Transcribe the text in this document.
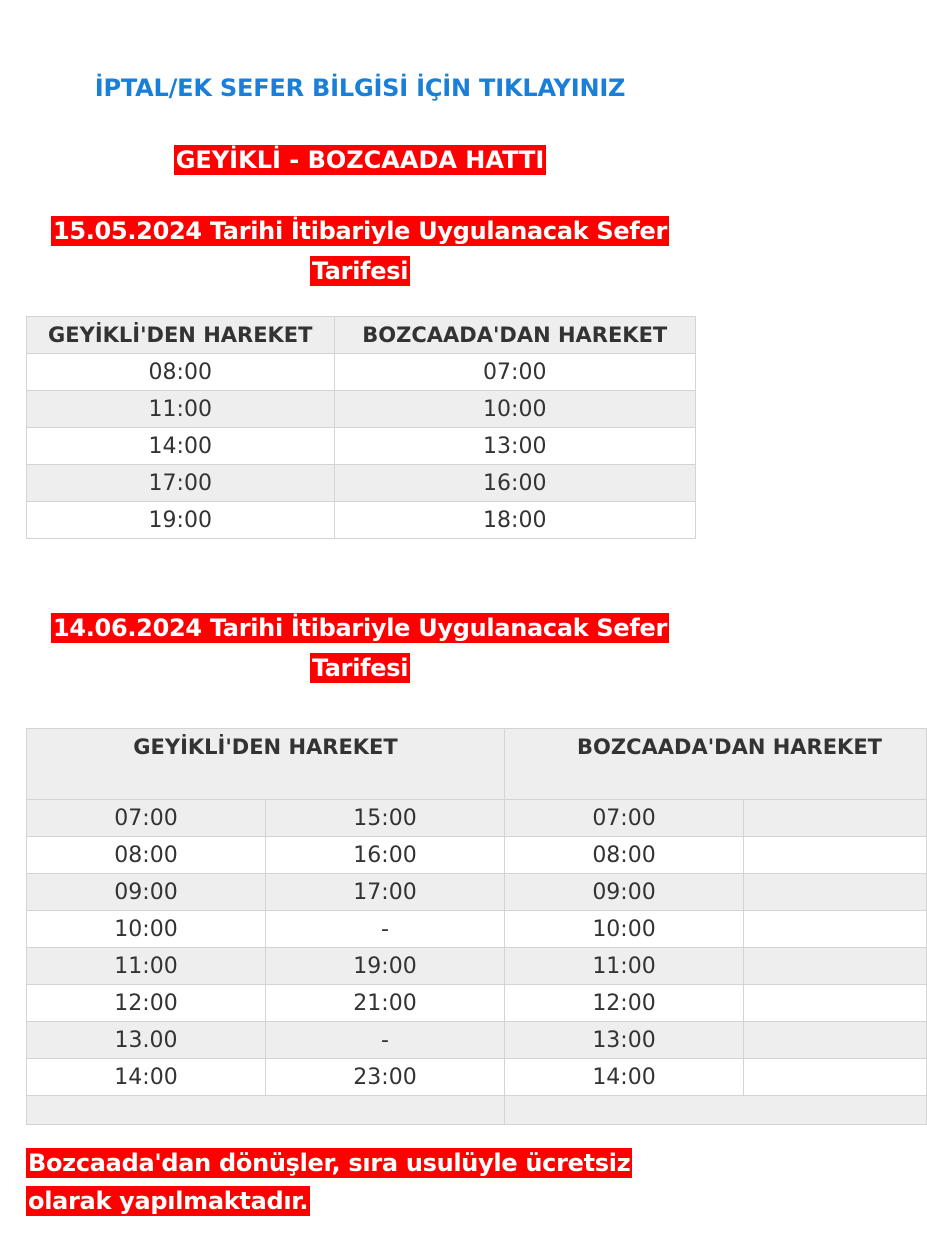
İPTAL/EK SEFER BİLGİSİ İÇİN TIKLAYINIZ
GEYİKLİ - BOZCAADA HATTI
15.05.2024 Tarihi İtibariyle Uygulanacak Sefer Tarifesi
GEYİKLİ'DEN HAREKET	BOZCAADA'DAN HAREKET
08:00	07:00
11:00	10:00
14:00	13:00
17:00	16:00
19:00	18:00
14.06.2024 Tarihi İtibariyle Uygulanacak Sefer Tarifesi
GEYİKLİ'DEN HAREKET		BOZCAADA'DAN HAREKET	
07:00	15:00	07:00	
08:00	16:00	08:00	
09:00	17:00	09:00	
10:00	-	10:00	
11:00	19:00	11:00	
12:00	21:00	12:00	
13.00	-	13:00	
14:00	23:00	14:00	

Bozcaada'dan dönüşler, sıra usulüyle ücretsiz olarak yapılmaktadır.
